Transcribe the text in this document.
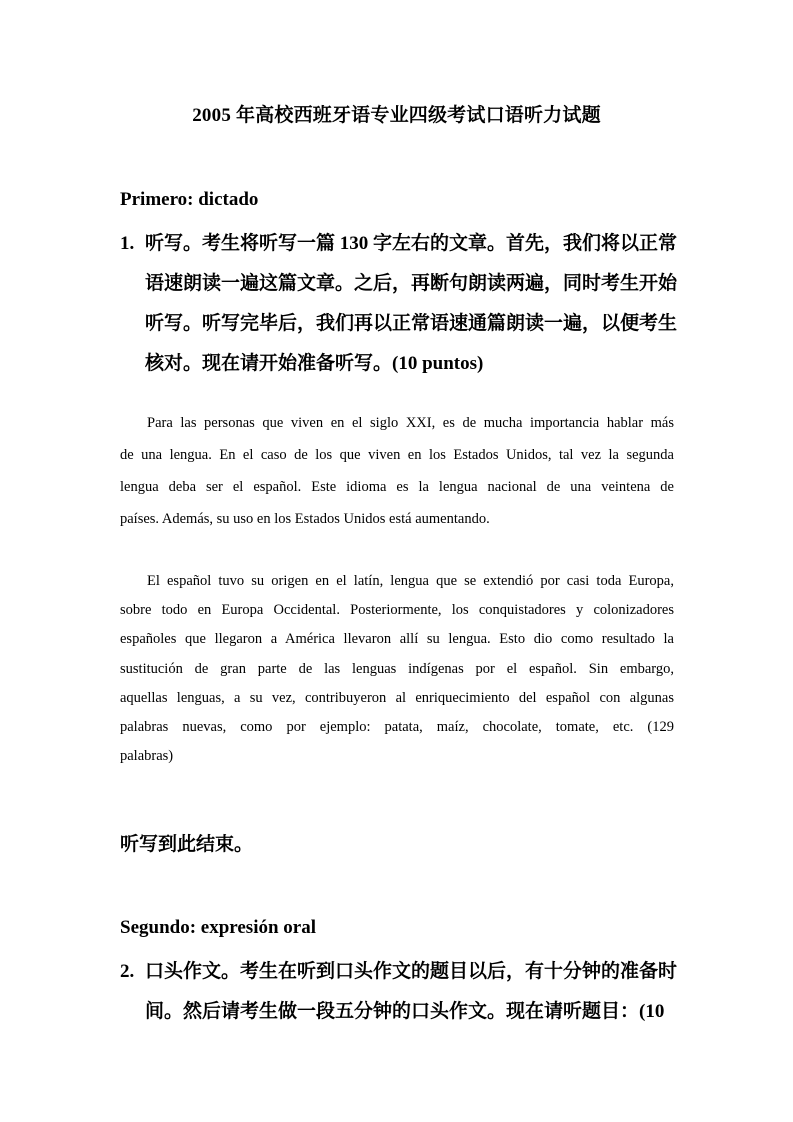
2005 年高校西班牙语专业四级考试口语听力试题
Primero: dictado
1. 听写。考生将听写一篇 130 字左右的文章。首先，我们将以正常
语速朗读一遍这篇文章。之后，再断句朗读两遍，同时考生开始
听写。听写完毕后，我们再以正常语速通篇朗读一遍，以便考生
核对。现在请开始准备听写。(10 puntos)
Para las personas que viven en el siglo XXI, es de mucha importancia hablar más
de una lengua. En el caso de los que viven en los Estados Unidos, tal vez la segunda
lengua deba ser el español. Este idioma es la lengua nacional de una veintena de
países. Además, su uso en los Estados Unidos está aumentando.
El español tuvo su origen en el latín, lengua que se extendió por casi toda Europa,
sobre todo en Europa Occidental. Posteriormente, los conquistadores y colonizadores
españoles que llegaron a América llevaron allí su lengua. Esto dio como resultado la
sustitución de gran parte de las lenguas indígenas por el español. Sin embargo,
aquellas lenguas, a su vez, contribuyeron al enriquecimiento del español con algunas
palabras nuevas, como por ejemplo: patata, maíz, chocolate, tomate, etc. (129
palabras)
听写到此结束。
Segundo: expresión oral
2. 口头作文。考生在听到口头作文的题目以后，有十分钟的准备时
间。然后请考生做一段五分钟的口头作文。现在请听题目：(10
